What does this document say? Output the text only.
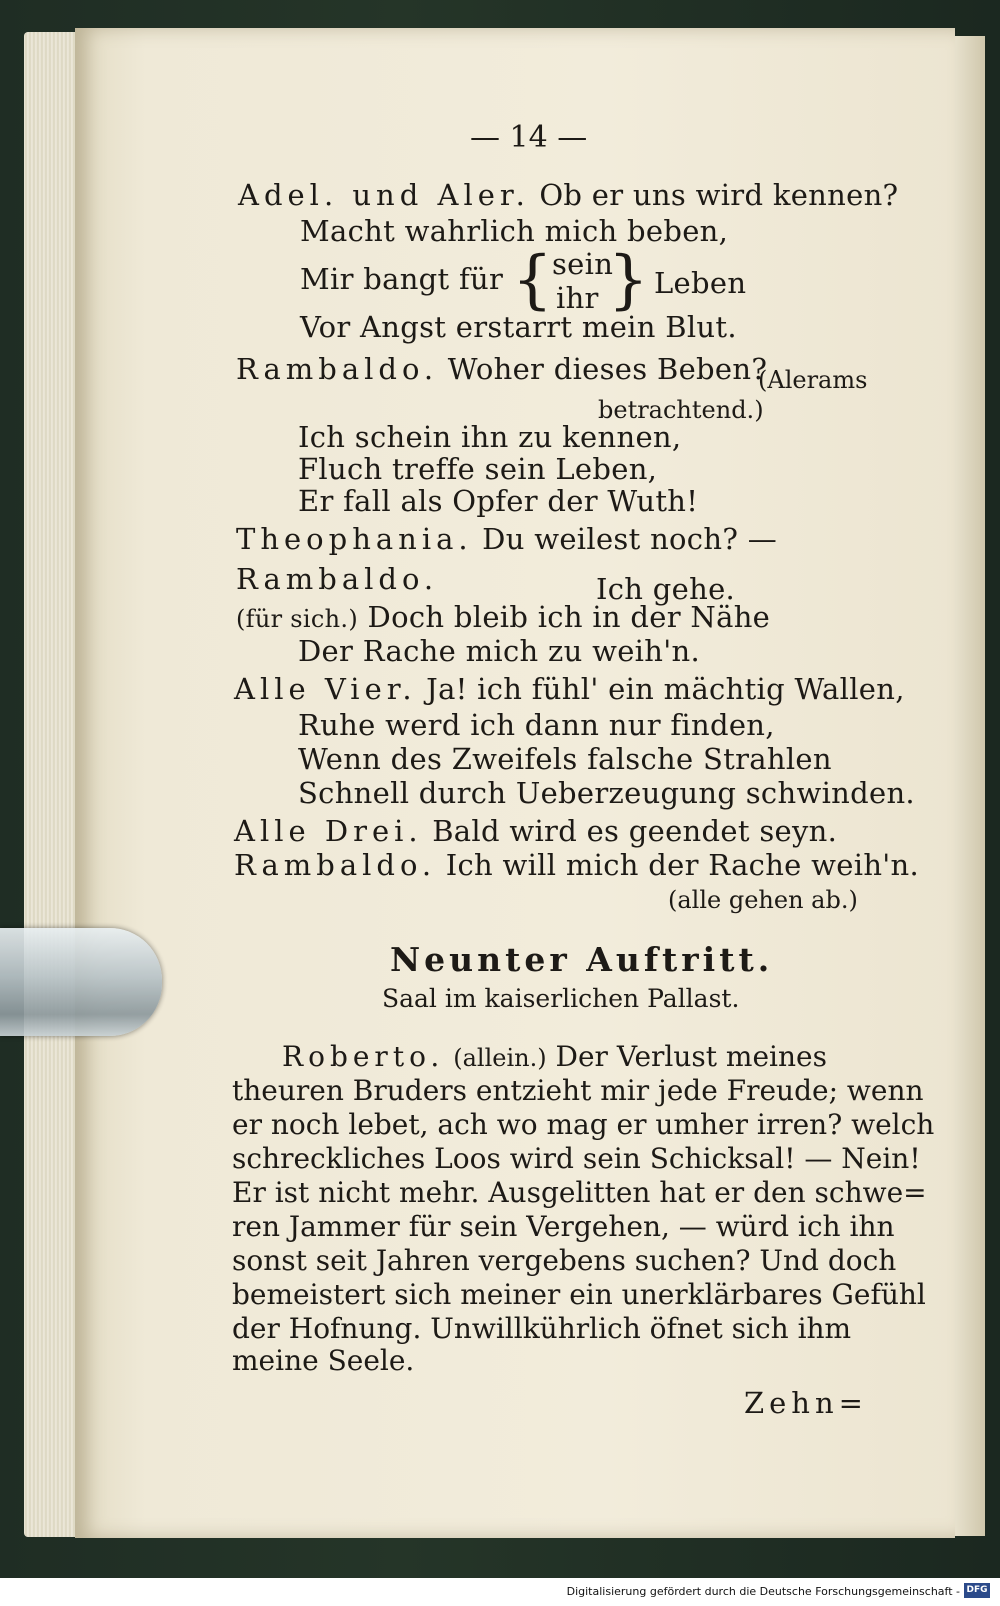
— 14 —
Adel. und Aler. Ob er uns wird kennen?
Macht wahrlich mich beben,
Mir bangt für { sein
ihr } Leben
Vor Angst erstarrt mein Blut.
Rambaldo. Woher dieses Beben?
(Alerams
betrachtend.)
Ich schein ihn zu kennen,
Fluch treffe sein Leben,
Er fall als Opfer der Wuth!
Theophania. Du weilest noch? —
Rambaldo.	Ich gehe.
(für sich.) Doch bleib ich in der Nähe
Der Rache mich zu weih'n.
Alle Vier. Ja! ich fühl' ein mächtig Wallen,
Ruhe werd ich dann nur finden,
Wenn des Zweifels falsche Strahlen
Schnell durch Ueberzeugung schwinden.
Alle Drei. Bald wird es geendet seyn.
Rambaldo. Ich will mich der Rache weih'n.
(alle gehen ab.)
Neunter Auftritt.
Saal im kaiserlichen Pallast.
Roberto. (allein.) Der Verlust meines
theuren Bruders entzieht mir jede Freude; wenn
er noch lebet, ach wo mag er umher irren? welch
schreckliches Loos wird sein Schicksal! — Nein!
Er ist nicht mehr. Ausgelitten hat er den schwe=
ren Jammer für sein Vergehen, — würd ich ihn
sonst seit Jahren vergebens suchen? Und doch
bemeistert sich meiner ein unerklärbares Gefühl
der Hofnung. Unwillkührlich öfnet sich ihm
meine Seele.
Zehn=
Digitalisierung gefördert durch die Deutsche Forschungsgemeinschaft - DFG
